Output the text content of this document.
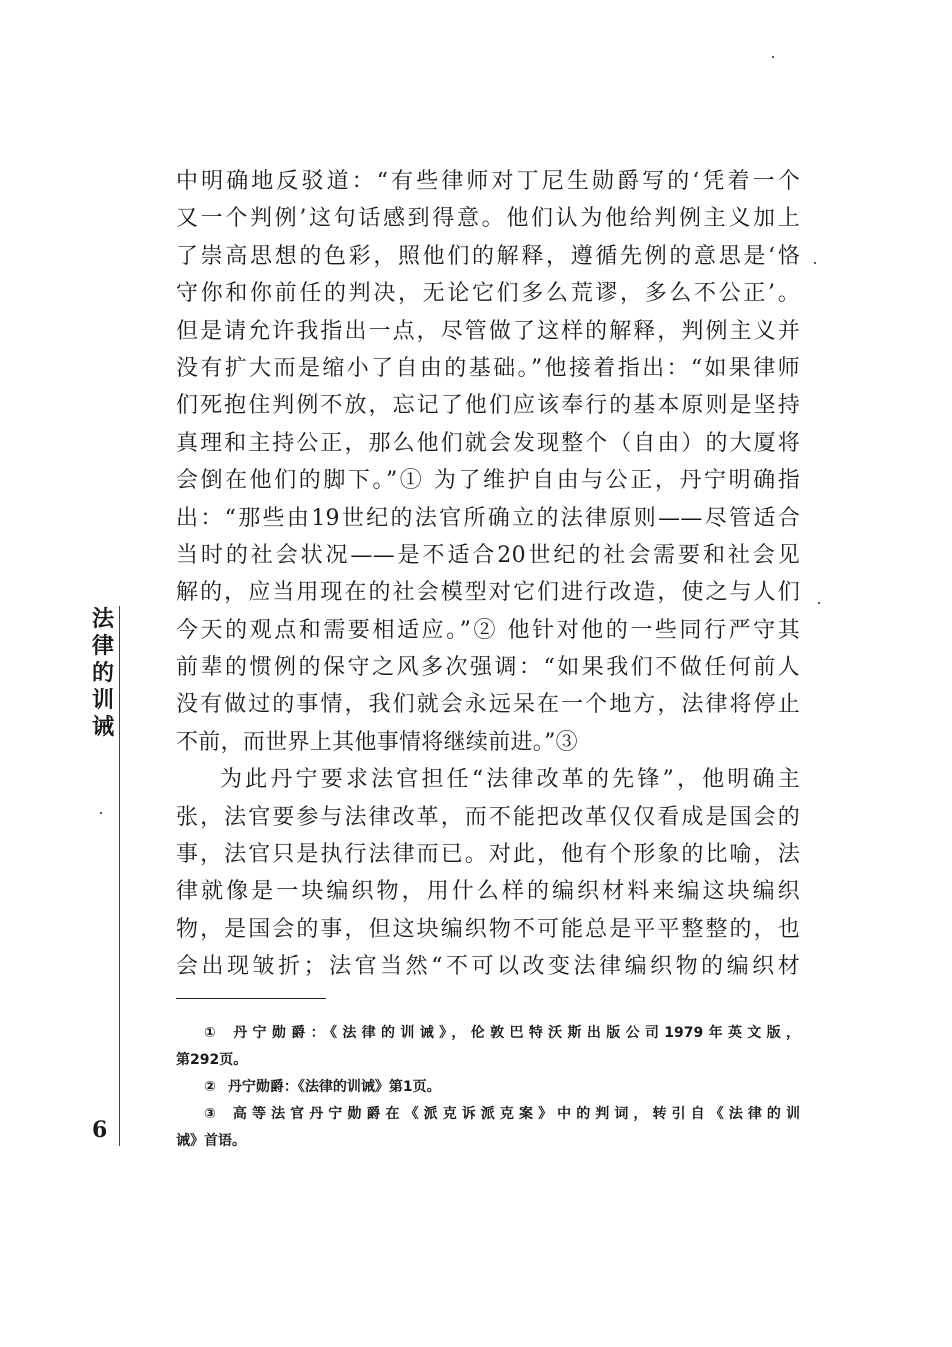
中明确地反驳道：“有些律师对丁尼生勋爵写的‘凭着一个
又一个判例’这句话感到得意。他们认为他给判例主义加上
了崇高思想的色彩，照他们的解释，遵循先例的意思是‘恪
守你和你前任的判决，无论它们多么荒谬，多么不公正’。
但是请允许我指出一点，尽管做了这样的解释，判例主义并
没有扩大而是缩小了自由的基础。”他接着指出：“如果律师
们死抱住判例不放，忘记了他们应该奉行的基本原则是坚持
真理和主持公正，那么他们就会发现整个（自由）的大厦将
会倒在他们的脚下。”① 为了维护自由与公正，丹宁明确指
出：“那些由19世纪的法官所确立的法律原则——尽管适合
当时的社会状况——是不适合20世纪的社会需要和社会见
解的，应当用现在的社会模型对它们进行改造，使之与人们
今天的观点和需要相适应。”② 他针对他的一些同行严守其
前辈的惯例的保守之风多次强调：“如果我们不做任何前人
没有做过的事情，我们就会永远呆在一个地方，法律将停止
不前，而世界上其他事情将继续前进。”③
为此丹宁要求法官担任“法律改革的先锋”，他明确主
张，法官要参与法律改革，而不能把改革仅仅看成是国会的
事，法官只是执行法律而已。对此，他有个形象的比喻，法
律就像是一块编织物，用什么样的编织材料来编这块编织
物，是国会的事，但这块编织物不可能总是平平整整的，也
会出现皱折；法官当然“不可以改变法律编织物的编织材
法律的训诫
6
① 丹宁勋爵：《法律的训诫》，伦敦巴特沃斯出版公司1979年英文版，
第292页。
② 丹宁勋爵：《法律的训诫》第1页。
③ 高等法官丹宁勋爵在《派克诉派克案》中的判词，转引自《法律的训
诫》首语。
